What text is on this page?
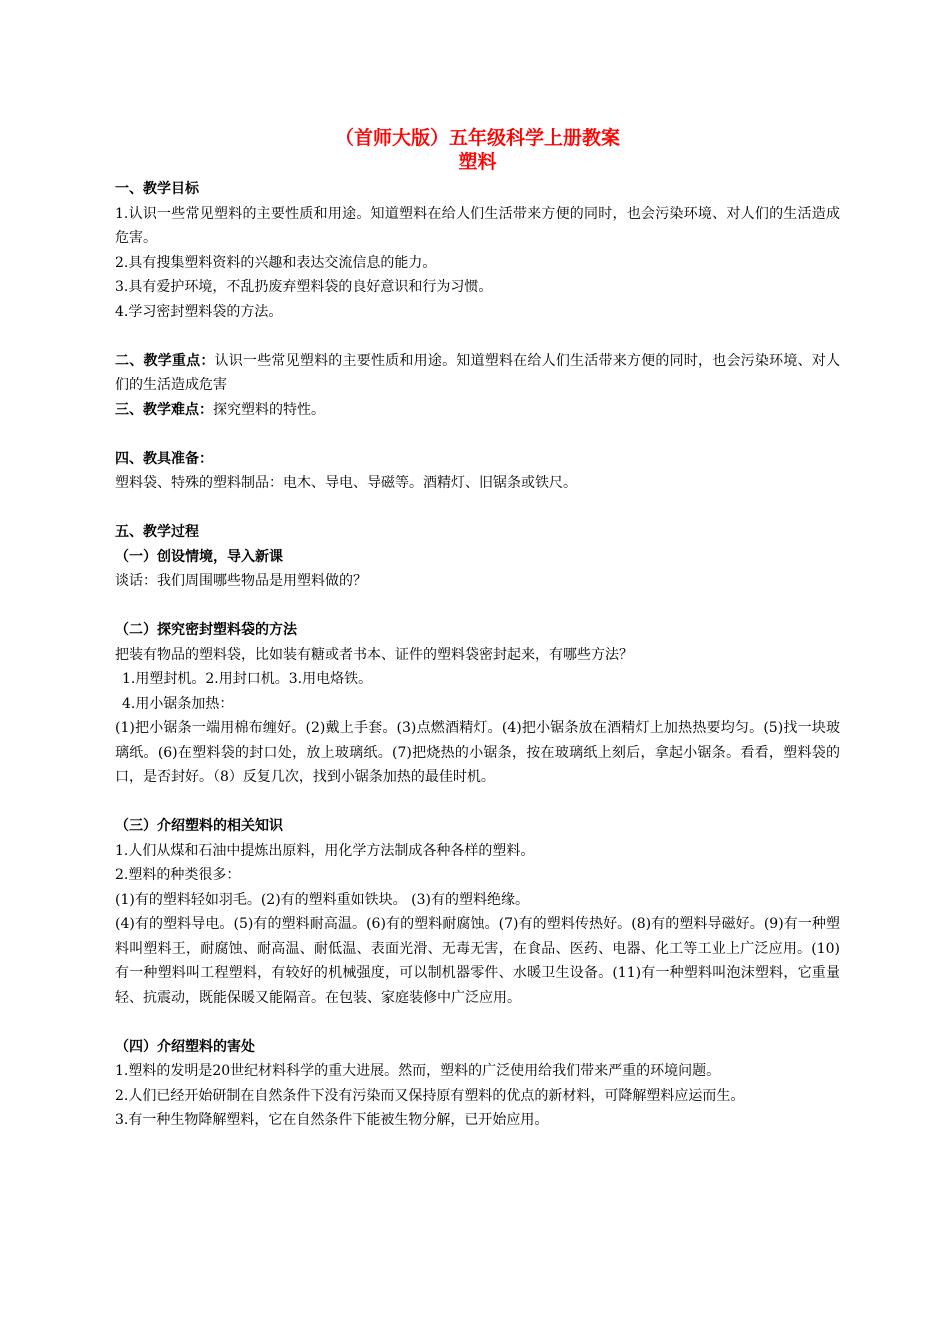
（首师大版）五年级科学上册教案
塑料
一、教学目标
1.认识一些常见塑料的主要性质和用途。知道塑料在给人们生活带来方便的同时，也会污染环境、对人们的生活造成危害。
2.具有搜集塑料资料的兴趣和表达交流信息的能力。
3.具有爱护环境，不乱扔废弃塑料袋的良好意识和行为习惯。
4.学习密封塑料袋的方法。
二、教学重点：认识一些常见塑料的主要性质和用途。知道塑料在给人们生活带来方便的同时，也会污染环境、对人们的生活造成危害
三、教学难点：探究塑料的特性。
四、教具准备：
塑料袋、特殊的塑料制品：电木、导电、导磁等。酒精灯、旧锯条或铁尺。
五、教学过程
（一）创设情境，导入新课
谈话：我们周围哪些物品是用塑料做的？
（二）探究密封塑料袋的方法
把装有物品的塑料袋，比如装有糖或者书本、证件的塑料袋密封起来，有哪些方法？
1.用塑封机。2.用封口机。3.用电烙铁。
4.用小锯条加热：
(1)把小锯条一端用棉布缠好。(2)戴上手套。(3)点燃酒精灯。(4)把小锯条放在酒精灯上加热热要均匀。(5)找一块玻璃纸。(6)在塑料袋的封口处，放上玻璃纸。(7)把烧热的小锯条，按在玻璃纸上刻后，拿起小锯条。看看，塑料袋的口，是否封好。（8）反复几次，找到小锯条加热的最佳时机。
（三）介绍塑料的相关知识
1.人们从煤和石油中提炼出原料，用化学方法制成各种各样的塑料。
2.塑料的种类很多：
(1)有的塑料轻如羽毛。(2)有的塑料重如铁块。 (3)有的塑料绝缘。
(4)有的塑料导电。(5)有的塑料耐高温。(6)有的塑料耐腐蚀。(7)有的塑料传热好。(8)有的塑料导磁好。(9)有一种塑料叫塑料王，耐腐蚀、耐高温、耐低温、表面光滑、无毒无害，在食品、医药、电器、化工等工业上广泛应用。(10)有一种塑料叫工程塑料，有较好的机械强度，可以制机器零件、水暖卫生设备。(11)有一种塑料叫泡沫塑料，它重量轻、抗震动，既能保暖又能隔音。在包装、家庭装修中广泛应用。
（四）介绍塑料的害处
1.塑料的发明是20世纪材料科学的重大进展。然而，塑料的广泛使用给我们带来严重的环境问题。
2.人们已经开始研制在自然条件下没有污染而又保持原有塑料的优点的新材料，可降解塑料应运而生。
3.有一种生物降解塑料，它在自然条件下能被生物分解，已开始应用。
